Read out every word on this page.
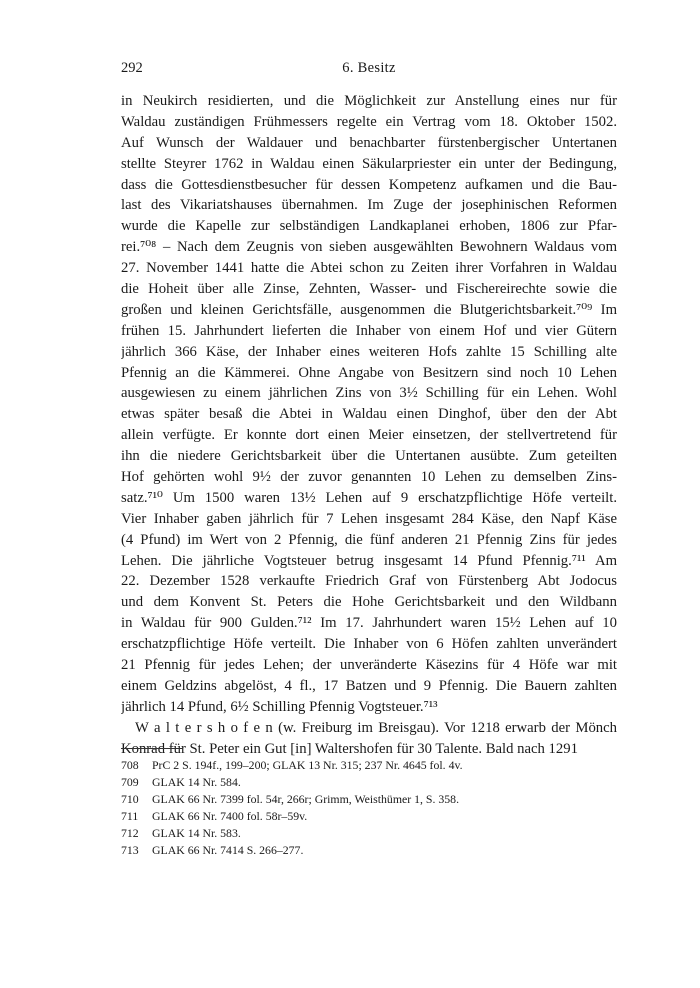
292	6. Besitz
in Neukirch residierten, und die Möglichkeit zur Anstellung eines nur für
Waldau zuständigen Frühmessers regelte ein Vertrag vom 18. Oktober 1502.
Auf Wunsch der Waldauer und benachbarter fürstenbergischer Untertanen
stellte Steyrer 1762 in Waldau einen Säkularpriester ein unter der Bedingung,
dass die Gottesdienstbesucher für dessen Kompetenz aufkamen und die Bau-
last des Vikariatshauses übernahmen. Im Zuge der josephinischen Reformen
wurde die Kapelle zur selbständigen Landkaplanei erhoben, 1806 zur Pfar-
rei.⁷⁰⁸ – Nach dem Zeugnis von sieben ausgewählten Bewohnern Waldaus vom
27. November 1441 hatte die Abtei schon zu Zeiten ihrer Vorfahren in Waldau
die Hoheit über alle Zinse, Zehnten, Wasser- und Fischereirechte sowie die
großen und kleinen Gerichtsfälle, ausgenommen die Blutgerichtsbarkeit.⁷⁰⁹ Im
frühen 15. Jahrhundert lieferten die Inhaber von einem Hof und vier Gütern
jährlich 366 Käse, der Inhaber eines weiteren Hofs zahlte 15 Schilling alte
Pfennig an die Kämmerei. Ohne Angabe von Besitzern sind noch 10 Lehen
ausgewiesen zu einem jährlichen Zins von 3½ Schilling für ein Lehen. Wohl
etwas später besaß die Abtei in Waldau einen Dinghof, über den der Abt
allein verfügte. Er konnte dort einen Meier einsetzen, der stellvertretend für
ihn die niedere Gerichtsbarkeit über die Untertanen ausübte. Zum geteilten
Hof gehörten wohl 9½ der zuvor genannten 10 Lehen zu demselben Zins-
satz.⁷¹⁰ Um 1500 waren 13½ Lehen auf 9 erschatzpflichtige Höfe verteilt.
Vier Inhaber gaben jährlich für 7 Lehen insgesamt 284 Käse, den Napf Käse
(4 Pfund) im Wert von 2 Pfennig, die fünf anderen 21 Pfennig Zins für jedes
Lehen. Die jährliche Vogtsteuer betrug insgesamt 14 Pfund Pfennig.⁷¹¹ Am
22. Dezember 1528 verkaufte Friedrich Graf von Fürstenberg Abt Jodocus
und dem Konvent St. Peters die Hohe Gerichtsbarkeit und den Wildbann
in Waldau für 900 Gulden.⁷¹² Im 17. Jahrhundert waren 15½ Lehen auf 10
erschatzpflichtige Höfe verteilt. Die Inhaber von 6 Höfen zahlten unverändert
21 Pfennig für jedes Lehen; der unveränderte Käsezins für 4 Höfe war mit
einem Geldzins abgelöst, 4 fl., 17 Batzen und 9 Pfennig. Die Bauern zahlten
jährlich 14 Pfund, 6½ Schilling Pfennig Vogtsteuer.⁷¹³
W a l t e r s h o f e n (w. Freiburg im Breisgau). Vor 1218 erwarb der Mönch
Konrad für St. Peter ein Gut [in] Waltershofen für 30 Talente. Bald nach 1291
708 PrC 2 S. 194f., 199–200; GLAK 13 Nr. 315; 237 Nr. 4645 fol. 4v.
709 GLAK 14 Nr. 584.
710 GLAK 66 Nr. 7399 fol. 54r, 266r; Grimm, Weisthümer 1, S. 358.
711 GLAK 66 Nr. 7400 fol. 58r–59v.
712 GLAK 14 Nr. 583.
713 GLAK 66 Nr. 7414 S. 266–277.
